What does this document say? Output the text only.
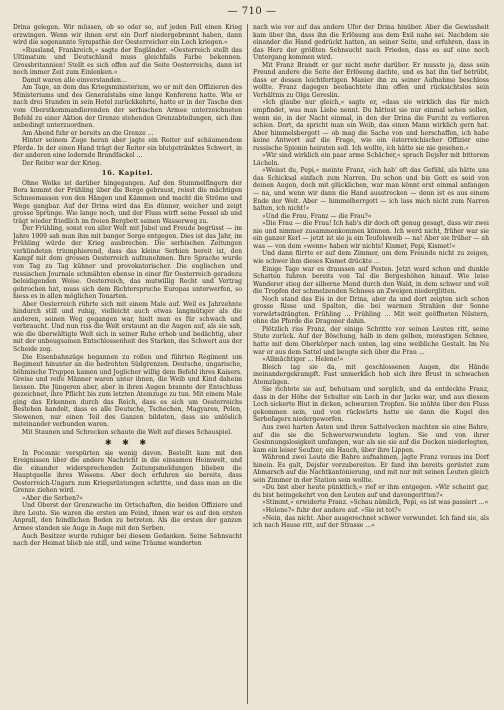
— 710 —

Drina gelegen. Wir müssen, ob so oder so, auf jeden Fall einen Krieg erzwingen. Wenn wir ihnen erst ein Dorf niedergebrannt haben, dann wird die sogenannte Sympathie der Oesterreicher ein Loch kriegen.«

»Russland, Frankreich,« sagte der Engländer. »Oesterreich stellt das Ultimatum und Deutschland muss gleichfalls Farbe bekennen. Grossbritannien! Stellt es sich offen auf die Seite Oesterreichs, dann ist noch immer Zeit zum Einlenken.«

Damit waren alle einverstanden...

Am Tage, an dem das Kriegsministerium, wo er mit den Offizieren des Ministeriums und des Generalstabs eine lange Konferenz hatte. Wie er nach drei Stunden in sein Hotel zurückkehrte, hatte er in der Tasche den vom Oberstkommandierenden der serbischen Armee unterzeichneten Befehl zu einer Aktion der Grenze stehenden Grenzabteilungen, sich ihm unbedingt unterzuordnen.

Am Abend fuhr er bereits an die Grenze ...

Hinter seinem Zuge heran aber jagte ein Reiter auf schäumendem Pferde. In der einen Hand trägt der Reiter ein blutgetränktes Schwert, in der anderen eine lodernde Brandfackel ...

Der Reiter war der Krieg.

16. Kapitel.

Ohne Wolke ist darüber hingegangen. Auf den Stummelfingern der Bora kommt der Frühling über die Berge gebraust, reisst die mächtigen Schneemassen von den Hängen und Kämmen und macht die Ströme und Wege gangbar. Auf der Drina wird das Eis dünner, weicher und zeigt grosse Sprünge. Wie lange noch, und der Fluss wirft seine Fessel ab und trägt wieder friedlich im freien Bergbett seinen Wasserweg zu.

Der Frühling, sonst von aller Welt mit Jubel und Freude begrüsst — im Jahre 1909 sah man ihm mit banger Sorge entgegen. Dies ist das Jahr, im Frühling würde der Krieg ausbrechen. Die serbischen Zeitungen verkündeten triumphierend, dass das kleine Serbien bereit ist, den Kampf mit dem grossen Oesterreich aufzunehmen. Ihre Sprache wurde von Tag zu Tag kühner und provokatorischer. Die englischen und russischen Journale schmähten ebenso in einer für Oesterreich geradezu beleidigenden Weise. Oesterreich, das mutwillig Recht und Vertrag gebrochen hat, muss sich dem Richterspruche Europas unterwerfen, so hiess es in allen möglichen Tonarten.

Aber Oesterreich rührte sich mit einem Male auf. Weil es Jahrzehnte hindurch still und ruhig, vielleicht auch etwas langmütiger als die anderen, seinen Weg gegangen war, hielt man es für schwach und verbraucht. Und nun riss die Welt erstaunt an die Augen auf, als sie sah, wie die überwältigte Welt sich in seiner Ruhe erhob und bedächtig, aber mit der unbeugsamen Entschlossenheit des Starken, das Schwert aus der Scheide zog.

Die Eisenbahnzüge begannen zu rollen und führten Regiment um Regiment hinunter an die bedrohten Südgrenzen. Deutsche, ungarische, böhmische Truppen kamen und Jeglicher willig dem Befehl ihres Kaisers. Greise und reife Männer waren unter ihnen, die Weib und Kind daheim liessen. Die Jüngeren aber, aber in ihren Augen brannte der Entschluss gezeichnet, ihre Pflicht bis zum letzten Atemzuge zu tun. Mit einem Male ging das Erkennen durch das Reich, dass es sich um Oesterreichs Bestehen handelt, dass es alle Deutsche, Tschechen, Magyaren, Polen, Slowenen, nur einen Teil des Ganzen bildeten, dass sie unlöslich miteinander verbunden waren.

Mit Staunen und Schrecken schaute die Welt auf dieses Schauspiel.

✱ ✱ ✱

In Pocosnic verspürten sie wenig davon. Bestellt kam mit den Ereignissen über die andere Nachricht in die einsamen Heimwelt, und die einander widersprechenden Zeitungsmeldungen blieben die Hauptquelle ihres Wissens. Aber doch erfuhren sie bereits, dass Oesterreich-Ungarn zum Kriegsrüstungen schritte, und dass man an die Grenze ziehen wird.

»Aber die Serben?«

Und Oberst der Grenzwache im Ortschaften, die beiden Offiziere und ihre Leute. Sie waren die ersten am Feind, ihnen war es auf den ersten Anprall, den feindlichen Boden zu betreten. Als die ersten der ganzen Armee standen sie Auge in Auge mit den Serben.

Auch Besitzer wurde ruhiger bei diesem Gedanken. Seine Sehnsucht nach der Heimat blieb nie still, und seine Träume wanderten

nach wie vor auf das andere Ufer der Drina hinüber. Aber die Gewissheit kam über ihn, dass ihn die Erlösung aus dem Exil nahe sei. Nachdem sie einander die Hand gedrückt hatten, an seiner Seite, und erfuhren, dass in das Herz der größten Sehnsucht nach Frieden, dass es auf eine noch Untergang kommen wird.

Mit Franz Brandt er gar nicht mehr darüber. Er musste ja, dass sein Freund andere die Seite der Erlösung dachte, und es hat ihn tief betrübt, dass er dessen leichtfertigen Manier ihn zu seiner Aufnahme beschloss wollte. Franz dagegen beobachtete ihm offen und rücksichtslos sein Verhältnis zu Olga Gereslin.

»Ich glaube nur gleich,« sagte er, »dass sie wirklich das für mich empfindet, was man Liebe nennt. Du hättest sie nur einmal sehen sollen, wenn sie, in der Nacht einmal, in den der Drina die Furcht zu verlieren schien. Dort, da spricht man ein Weib, das einen Mann wirklich gern hat. Aber himmelsbergott — ob mag die Sache von und herschaffen, ich habe keine Antwort auf die Frage, wie ein österreichischer Offizier eine russische Spionin heiraten soll. Ich wollte, ich hätte sie nie gesehen.«

»Wir sind wirklich ein paar arme Schächer,« sprach Dejsfer mit bitterem Lächeln.

»Weisst du, Pepi,« meinte Franz, »ich hab' oft das Gefühl, als hätte uns das Schicksal einfach zum Narren. Du schon und bis Gott es seid von deinen Augen, doch mit glücklichen, war man könnt erst einmal anfangen — na, und wenn wir dann die Hand ausstrecken — denn ist es aus einem Ende der Welt. Aber — himmelherrgott — ich lass mich nicht zum Narren halten, ich nicht!«

»Und die Frau, Franz — die Frau?«

»Die Frau — die Frau! Ich hab's dir doch oft genug gesagt, dass wir zwei nie und nimmer zusammenkommen können. Ich werd nicht, früher war sie ein ganzer Kerl — jetzt ist sie ja ein Teufelsweib — na! Aber sie früher — ah was — von dem »wenn« haben wir nichts! Kismet, Pepi, Kismet!«

Und dann flirrte er auf dem Zimmer, um dem Freunde nicht zu zeigen, wie schwer ihm dieses Kismet drückte ...

Einige Tage war es draussen auf Posten. Jetzt ward schon und dunkle Schatten fuhren bereits von Tal die Bergeshöhen hinauf. Wie leise Wanderer stieg der silberne Mond durch den Wald, in dem schwer und voll die Tropfen der schmelzenden Schnees an Zweigen niederglitten.

Noch stand das Eis in der Drina, aber da und dort zeigten sich schon grosse Risse und Spalten, die bei warmen Strahlen der Sonne vorwärtsdrängten. Frühling ... Frühling ... Mit weit geöffneten Nüstern, ohne die Pferde die Dragoner dahin.

Plötzlich riss Franz, der einige Schritte vor seinen Leuten ritt, seine Stute zurück. Auf der Böschung, halb in dem gelben, morastigen Schnee, hatte mit dem Oberkörper nach unten, lag eine weibliche Gestalt. Im Nu war er aus dem Sattel und beugte sich über die Frau ...

»Allmächtiger ... Helene!«

Bleich lag sie da, mit geschlossenen Augen, die Hände ineinandergekrampft. Fast unmerklich hob sich ihre Brust in schwachen Atemzügen.

Sie richtete sie auf, behutsam und sorglich, und da entdeckte Franz, dass in der Höhe der Schulter ein Loch in der Jacke war, und aus diesem Loch sickerte Blut in dicken, schwarzen Tropfen. Sie mühte über den Fluss gekommen sein, und von rückwärts hatte sie dann die Kugel des Serbofagers niedergeworfen.

Aus zwei harten Ästen und ihren Sattelvecken machten sie eine Bahre, auf die sie die Schwerverwundete legten. Sie und von ihrer Gesinnungslosigkeit umfangen, war als sie sie auf die Decken niederlegten, kam ein leiser Seufzer, ein Hauch, über ihre Lippen.

Während zwei Leute die Bahre aufnahmen, jagte Franz voraus ins Dorf hinein. Es galt, Dejsfer vorzubereiten. Er fand ihn bereits gerüstet zum Abmarsch auf die Nachtkantonierung, und mit nur mit seinen Leuten gleich sein Zimmer in der Station sein wollte.

»Du bist aber heute pünktlich,« rief er ihm entgegen. »Wir scheint gar, du bist heimgekehrt von den Leuten auf und davongeritten?«

»Stimmt,« erwiderte Franz. »Schau nämlich, Pepi, es ist was passiert ...«

»Helene?« fuhr der andere auf. »Sie ist tot?«

»Nein, das nicht. Aber ausgerechnet schwer verwundet. Ich fand sie, als ich nach Hause ritt, auf der Strasse ...«
